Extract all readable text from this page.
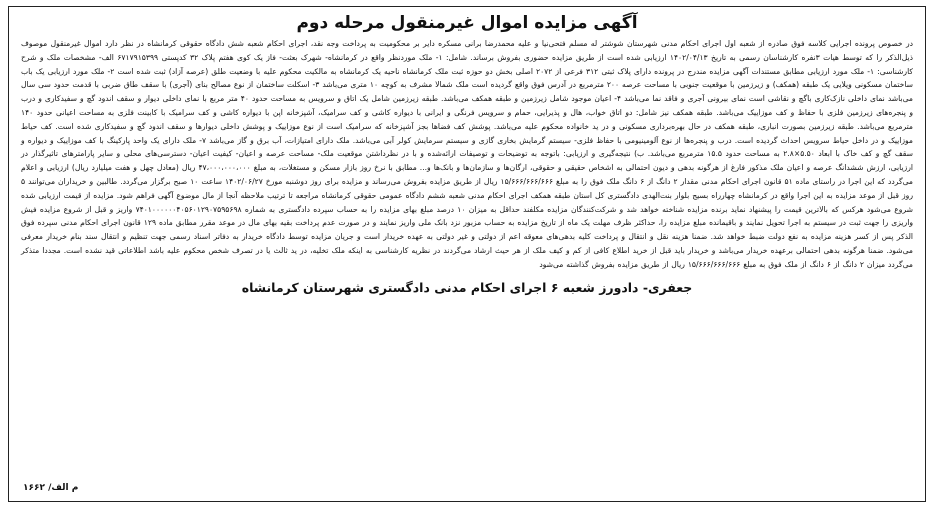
آگهی مزایده اموال غیرمنقول مرحله دوم

در خصوص پرونده اجرایی کلاسه فوق صادره از شعبه اول اجرای احکام مدنی شهرستان شوشتر له مسلم فتحی‌نیا و علیه محمدرضا برانی مسکره دایر بر محکومیت به پرداخت وجه نقد، اجرای احکام شعبه شش دادگاه حقوقی کرمانشاه در نظر دارد اموال غیرمنقول موصوف ذیل‌الذکر را که توسط هیات ۳نفره کارشناسان رسمی به تاریخ ۱۴۰۲/۰۴/۱۳ ارزیابی شده است از طریق مزایده حضوری بفروش برساند. شامل: ۱- ملک موردنظر واقع در کرمانشاه- شهرک بعثت- فاز یک کوی هفتم پلاک ۳۲ کدپستی ۶۷۱۷۹۱۵۳۹۹ الف- مشخصات ملک و شرح کارشناسی: ۱- ملک مورد ارزیابی مطابق مستندات آگهی مزایده مندرج در پرونده دارای پلاک ثبتی ۳۱۲ فرعی از ۲۰۷۲ اصلی بخش دو حوزه ثبت ملک کرمانشاه ناحیه یک کرمانشاه به مالکیت محکوم علیه با وضعیت طلق (عرصه آزاد) ثبت شده است ۲- ملک مورد ارزیابی یک باب ساختمان مسکونی ویلایی یک طبقه (همکف) و زیرزمین با موقعیت جنوبی با مساحت عرصه ۲۰۰ مترمربع در آدرس فوق واقع گردیده است ملک شمالا مشرف به کوچه ۱۰ متری می‌باشد ۳- اسکلت ساختمان از نوع مصالح بنای (آجری) با سقف طاق ضربی با قدمت حدود سی سال می‌باشد نمای داخلی نازک‌کاری باگچ و نقاشی است نمای بیرونی آجری و فاقد نما می‌باشد ۴- اعیان موجود شامل زیرزمین و طبقه همکف می‌باشد. طبقه زیرزمین شامل یک اتاق و سرویس به مساحت حدود ۴۰ متر مربع با نمای داخلی دیوار و سقف اندود گچ و سفیدکاری و درب و پنجره‌های زیرزمین فلزی با حفاظ و کف موزاییک می‌باشد. طبقه همکف نیز شامل: دو اتاق خواب، هال و پذیرایی، حمام و سرویس فرنگی و ایرانی با دیواره کاشی و کف سرامیک، آشپزخانه اپن با دیواره کاشی و کف سرامیک با کابینت فلزی به مساحت اعیانی حدود ۱۴۰ مترمربع می‌باشد. طبقه زیرزمین بصورت انباری، طبقه همکف در حال بهره‌برداری مسکونی و در ید خانواده محکوم علیه می‌باشد. پوشش کف فضاها بجز آشپزخانه که سرامیک است از نوع موزاییک و پوشش داخلی دیوارها و سقف اندود گچ و سفیدکاری شده است. کف حیاط موزاییک و در داخل حیاط سرویس احداث گردیده است. درب و پنجره‌ها از نوع آلومینیومی با حفاظ فلزی- سیستم گرمایش بخاری گازی و سیستم سرمایش کولر آبی می‌باشد. ملک دارای امتیازات، آب برق و گاز می‌باشد ۷- ملک دارای یک واحد پارکینگ با کف موزاییک و دیواره و سقف گچ و کف خاک با ابعاد ۵.۵۰×۲.۸ به مساحت حدود ۱۵.۵ مترمربع می‌باشد. ب) نتیجه‌گیری و ارزیابی: باتوجه به توضیحات و توصیفات ارائه‌شده و با در نظرداشتن موقعیت ملک- مساحت عرصه و اعیان- کیفیت اعیان- دسترسی‌های محلی و سایر پارامترهای تاثیرگذار در ارزیابی، ارزش ششدانگ عرصه و اعیان ملک مذکور فارغ از هرگونه بدهی و دیون احتمالی به اشخاص حقیقی و حقوقی، ارگان‌ها و سازمان‌ها و بانک‌ها و... مطابق با نرخ روز بازار مسکن و مستغلات، به مبلغ ۴۷،۰۰۰،۰۰۰،۰۰۰ ریال (معادل چهل و هفت میلیارد ریال) ارزیابی و اعلام می‌گردد که این اجرا در راستای ماده ۵۱ قانون اجرای احکام مدنی مقدار ۲ دانگ از ۶ دانگ ملک فوق را به مبلغ ۱۵/۶۶۶/۶۶۶/۶۶۶ ریال از طریق مزایده بفروش می‌رساند و مزایده برای روز دوشنبه مورخ ۱۴۰۲/۰۶/۲۷ ساعت ۱۰ صبح برگزار می‌گردد. طالبین و خریداران می‌توانند ۵ روز قبل از موعد مزایده به این اجرا واقع در کرمانشاه چهارراه بسیج بلوار بنت‌الهدی دادگستری کل استان طبقه همکف اجرای احکام مدنی شعبه ششم دادگاه عمومی حقوقی کرمانشاه مراجعه تا ترتیب ملاحظه آنجا از مال موضوع آگهی فراهم شود. مزایده از قیمت ارزیابی شده شروع می‌شود هرکس که بالاترین قیمت را پیشنهاد نماید برنده مزایده شناخته خواهد شد و شرکت‌کنندگان مزایده مکلفند حداقل به میزان ۱۰ درصد مبلغ بهای مزایده را به حساب سپرده دادگستری به شماره ۷۴۰۱۰۰۰۰۰۰۴۰۵۶۰۱۲۹۰۷۵۹۵۶۹۸ واریز و قبل از شروع مزایده فیش واریزی را جهت ثبت در سیستم به اجرا تحویل نمایند و باقیمانده مبلغ مزایده را، حداکثر ظرف مهلت یک ماه از تاریخ مزایده به حساب مزبور نزد بانک ملی واریز نمایند و در صورت عدم پرداخت بقیه بهای مال در موعد مقرر مطابق ماده ۱۲۹ قانون اجرای احکام مدنی سپرده فوق الذکر پس از کسر هزینه مزایده به نفع دولت ضبط خواهد شد. ضمنا هزینه نقل و انتقال و پرداخت کلیه بدهی‌های معوقه اعم از دولتی و غیر دولتی به عهده خریدار است و جریان مزایده توسط دادگاه خریدار به دفاتر اسناد رسمی جهت تنظیم و انتقال سند بنام خریدار معرفی می‌شود. ضمنا هرگونه بدهی احتمالی برعهده خریدار می‌باشد و خریدار باید قبل از خرید اطلاع کافی از کم و کیف ملک از هر حیث ارشاد می‌گردند در نظریه کارشناسی به اینکه ملک تخلیه، در ید ثالث یا در تصرف شخص محکوم علیه باشد اطلاعاتی قید نشده است. مجددا متذکر می‌گردد میزان ۲ دانگ از ۶ دانگ از ملک فوق به مبلغ ۱۵/۶۶۶/۶۶۶/۶۶۶ ریال از طریق مزایده بفروش گذاشته می‌شود

جعفری- دادورز شعبه ۶ اجرای احکام مدنی دادگستری شهرستان کرمانشاه
م الف/ ۱۶۶۲
